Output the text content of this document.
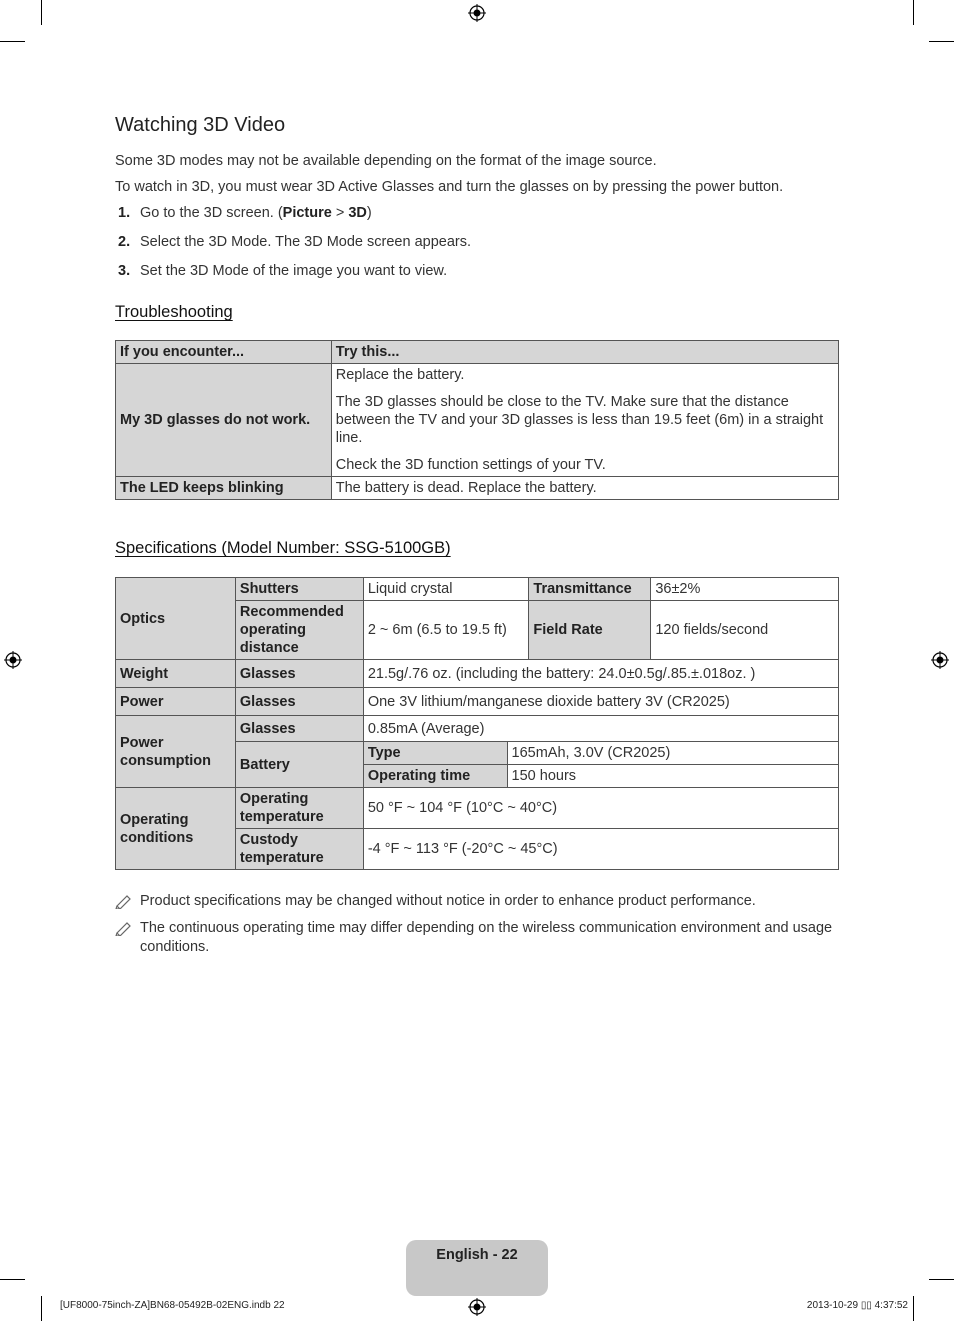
Watching 3D Video
Some 3D modes may not be available depending on the format of the image source.
To watch in 3D, you must wear 3D Active Glasses and turn the glasses on by pressing the power button.
1. Go to the 3D screen. (Picture > 3D)
2. Select the 3D Mode. The 3D Mode screen appears.
3. Set the 3D Mode of the image you want to view.
Troubleshooting
If you encounter...	Try this...
My 3D glasses do not work.	Replace the battery.

The 3D glasses should be close to the TV. Make sure that the distance between the TV and your 3D glasses is less than 19.5 feet (6m) in a straight line.

Check the 3D function settings of your TV.

The LED keeps blinking	The battery is dead. Replace the battery.
Specifications (Model Number: SSG-5100GB)
Optics	Shutters	Liquid crystal		Transmittance	36±2%
	Recommended operating distance	2 ~ 6m (6.5 to 19.5 ft)		Field Rate	120 fields/second
Weight	Glasses	21.5g/.76 oz. (including the battery: 24.0±0.5g/.85.±.018oz. )			
Power	Glasses	One 3V lithium/manganese dioxide battery 3V (CR2025)			
Power consumption	Glasses	0.85mA (Average)			
	Battery	Type	165mAh, 3.0V (CR2025)		
		Operating time	150 hours		
Operating conditions	Operating temperature	50 °F ~ 104 °F (10°C ~ 40°C)			
	Custody temperature	-4 °F ~ 113 °F (-20°C ~ 45°C)			
Product specifications may be changed without notice in order to enhance product performance.
The continuous operating time may differ depending on the wireless communication environment and usage conditions.
English - 22
[UF8000-75inch-ZA]BN68-05492B-02ENG.indb 22	2013-10-29 ▯▯ 4:37:52
